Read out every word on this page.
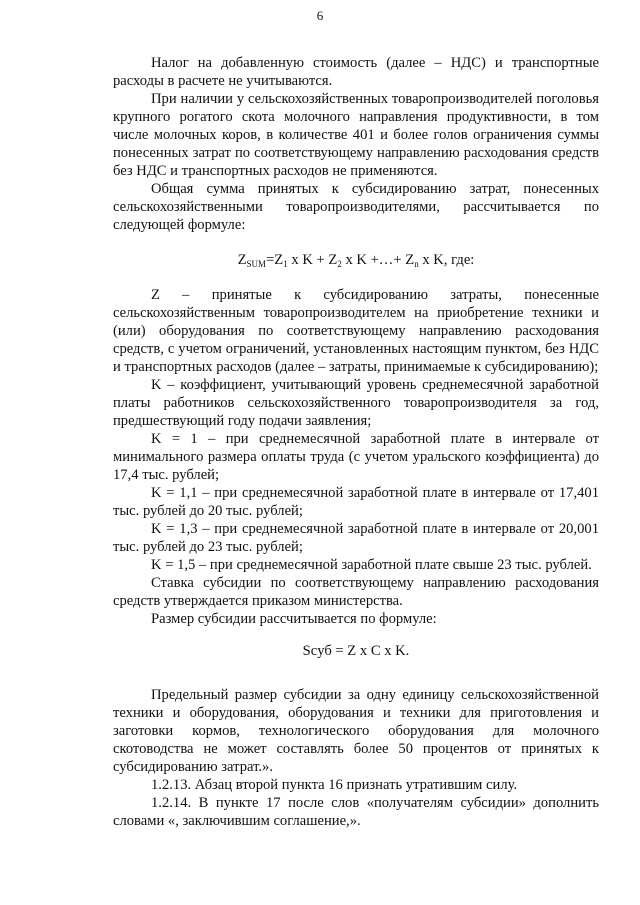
6

Налог на добавленную стоимость (далее – НДС) и транспортные расходы в расчете не учитываются.

При наличии у сельскохозяйственных товаропроизводителей поголовья крупного рогатого скота молочного направления продуктивности, в том числе молочных коров, в количестве 401 и более голов ограничения суммы понесенных затрат по соответствующему направлению расходования средств без НДС и транспортных расходов не применяются.

Общая сумма принятых к субсидированию затрат, понесенных сельскохозяйственными товаропроизводителями, рассчитывается по следующей формуле:

$Z_{SUM}=Z_1$ x $K + Z_2$ x K +…+ $Z_n$ x K, где:

Z – принятые к субсидированию затраты, понесенные сельскохозяйственным товаропроизводителем на приобретение техники и (или) оборудования по соответствующему направлению расходования средств, с учетом ограничений, установленных настоящим пунктом, без НДС и транспортных расходов (далее – затраты, принимаемые к субсидированию);

K – коэффициент, учитывающий уровень среднемесячной заработной платы работников сельскохозяйственного товаропроизводителя за год, предшествующий году подачи заявления;

K = 1 – при среднемесячной заработной плате в интервале от минимального размера оплаты труда (с учетом уральского коэффициента) до 17,4 тыс. рублей;

K = 1,1 – при среднемесячной заработной плате в интервале от 17,401 тыс. рублей до 20 тыс. рублей;

K = 1,3 – при среднемесячной заработной плате в интервале от 20,001 тыс. рублей до 23 тыс. рублей;

K = 1,5 – при среднемесячной заработной плате свыше 23 тыс. рублей.

Ставка субсидии по соответствующему направлению расходования средств утверждается приказом министерства.

Размер субсидии рассчитывается по формуле:

Scуб = Z x C x K.

Предельный размер субсидии за одну единицу сельскохозяйственной техники и оборудования, оборудования и техники для приготовления и заготовки кормов, технологического оборудования для молочного скотоводства не может составлять более 50 процентов от принятых к субсидированию затрат.».

1.2.13. Абзац второй пункта 16 признать утратившим силу.

1.2.14. В пункте 17 после слов «получателям субсидии» дополнить словами «, заключившим соглашение,».
